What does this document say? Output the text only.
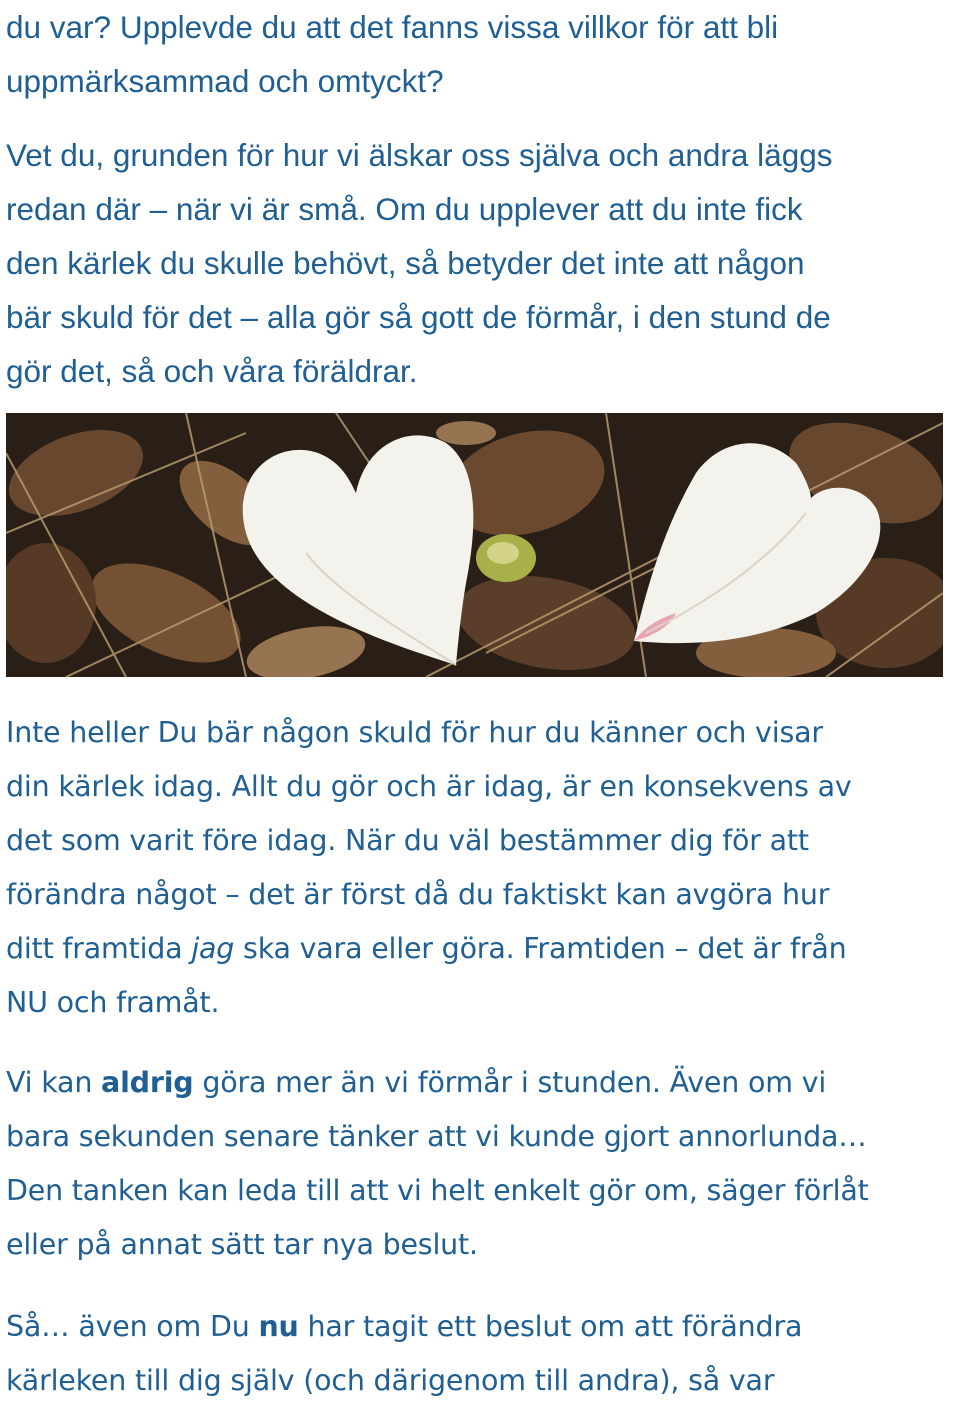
du var? Upplevde du att det fanns vissa villkor för att bli
uppmärksammad och omtyckt?

Vet du, grunden för hur vi älskar oss själva och andra läggs
redan där – när vi är små. Om du upplever att du inte fick
den kärlek du skulle behövt, så betyder det inte att någon
bär skuld för det – alla gör så gott de förmår, i den stund de
gör det, så och våra föräldrar.

Inte heller Du bär någon skuld för hur du känner och visar
din kärlek idag. Allt du gör och är idag, är en konsekvens av
det som varit före idag. När du väl bestämmer dig för att
förändra något – det är först då du faktiskt kan avgöra hur
ditt framtida jag ska vara eller göra. Framtiden – det är från
NU och framåt.

Vi kan aldrig göra mer än vi förmår i stunden. Även om vi
bara sekunden senare tänker att vi kunde gjort annorlunda…
Den tanken kan leda till att vi helt enkelt gör om, säger förlåt
eller på annat sätt tar nya beslut.

Så… även om Du nu har tagit ett beslut om att förändra
kärleken till dig själv (och därigenom till andra), så var
